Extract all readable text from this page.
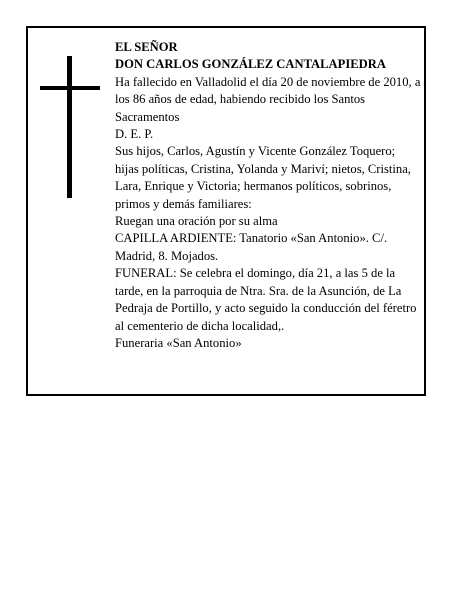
EL SEÑOR
DON CARLOS GONZÁLEZ CANTALAPIEDRA
Ha fallecido en Valladolid el día 20 de noviembre de 2010, a los 86 años de edad, habiendo recibido los Santos Sacramentos
D. E. P.
Sus hijos, Carlos, Agustín y Vicente González Toquero; hijas políticas, Cristina, Yolanda y Mariví; nietos, Cristina, Lara, Enrique y Victoria; hermanos políticos, sobrinos, primos y demás familiares:
Ruegan una oración por su alma
CAPILLA ARDIENTE: Tanatorio «San Antonio». C/. Madrid, 8. Mojados.
FUNERAL: Se celebra el domingo, día 21, a las 5 de la tarde, en la parroquia de Ntra. Sra. de la Asunción, de La Pedraja de Portillo, y acto seguido la conducción del féretro al cementerio de dicha localidad,.
Funeraria «San Antonio»
